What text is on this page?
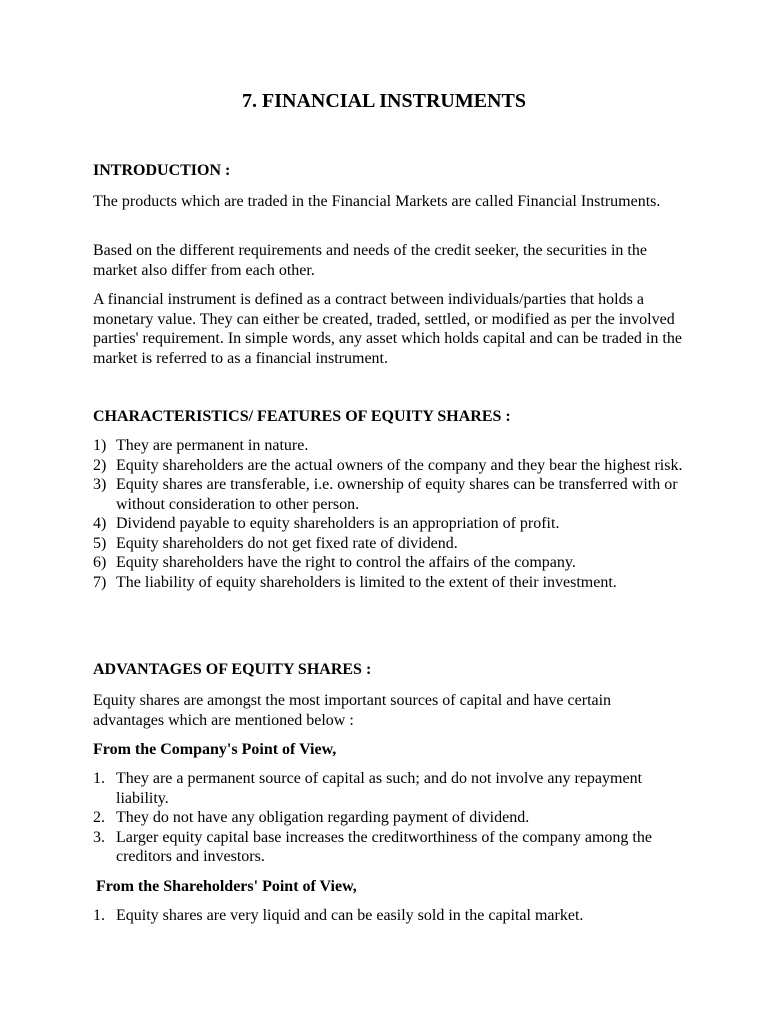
7. FINANCIAL INSTRUMENTS
INTRODUCTION :

The products which are traded in the Financial Markets are called Financial Instruments.

Based on the different requirements and needs of the credit seeker, the securities in the market also differ from each other.

A financial instrument is defined as a contract between individuals/parties that holds a monetary value. They can either be created, traded, settled, or modified as per the involved parties' requirement. In simple words, any asset which holds capital and can be traded in the market is referred to as a financial instrument.

CHARACTERISTICS/ FEATURES OF EQUITY SHARES :
1) They are permanent in nature.
2) Equity shareholders are the actual owners of the company and they bear the highest risk.
3) Equity shares are transferable, i.e. ownership of equity shares can be transferred with or without consideration to other person.
4) Dividend payable to equity shareholders is an appropriation of profit.
5) Equity shareholders do not get fixed rate of dividend.
6) Equity shareholders have the right to control the affairs of the company.
7) The liability of equity shareholders is limited to the extent of their investment.
ADVANTAGES OF EQUITY SHARES :

Equity shares are amongst the most important sources of capital and have certain advantages which are mentioned below :

From the Company's Point of View,
1. They are a permanent source of capital as such; and do not involve any repayment liability.
2. They do not have any obligation regarding payment of dividend.
3. Larger equity capital base increases the creditworthiness of the company among the creditors and investors.
From the Shareholders' Point of View,
1. Equity shares are very liquid and can be easily sold in the capital market.
